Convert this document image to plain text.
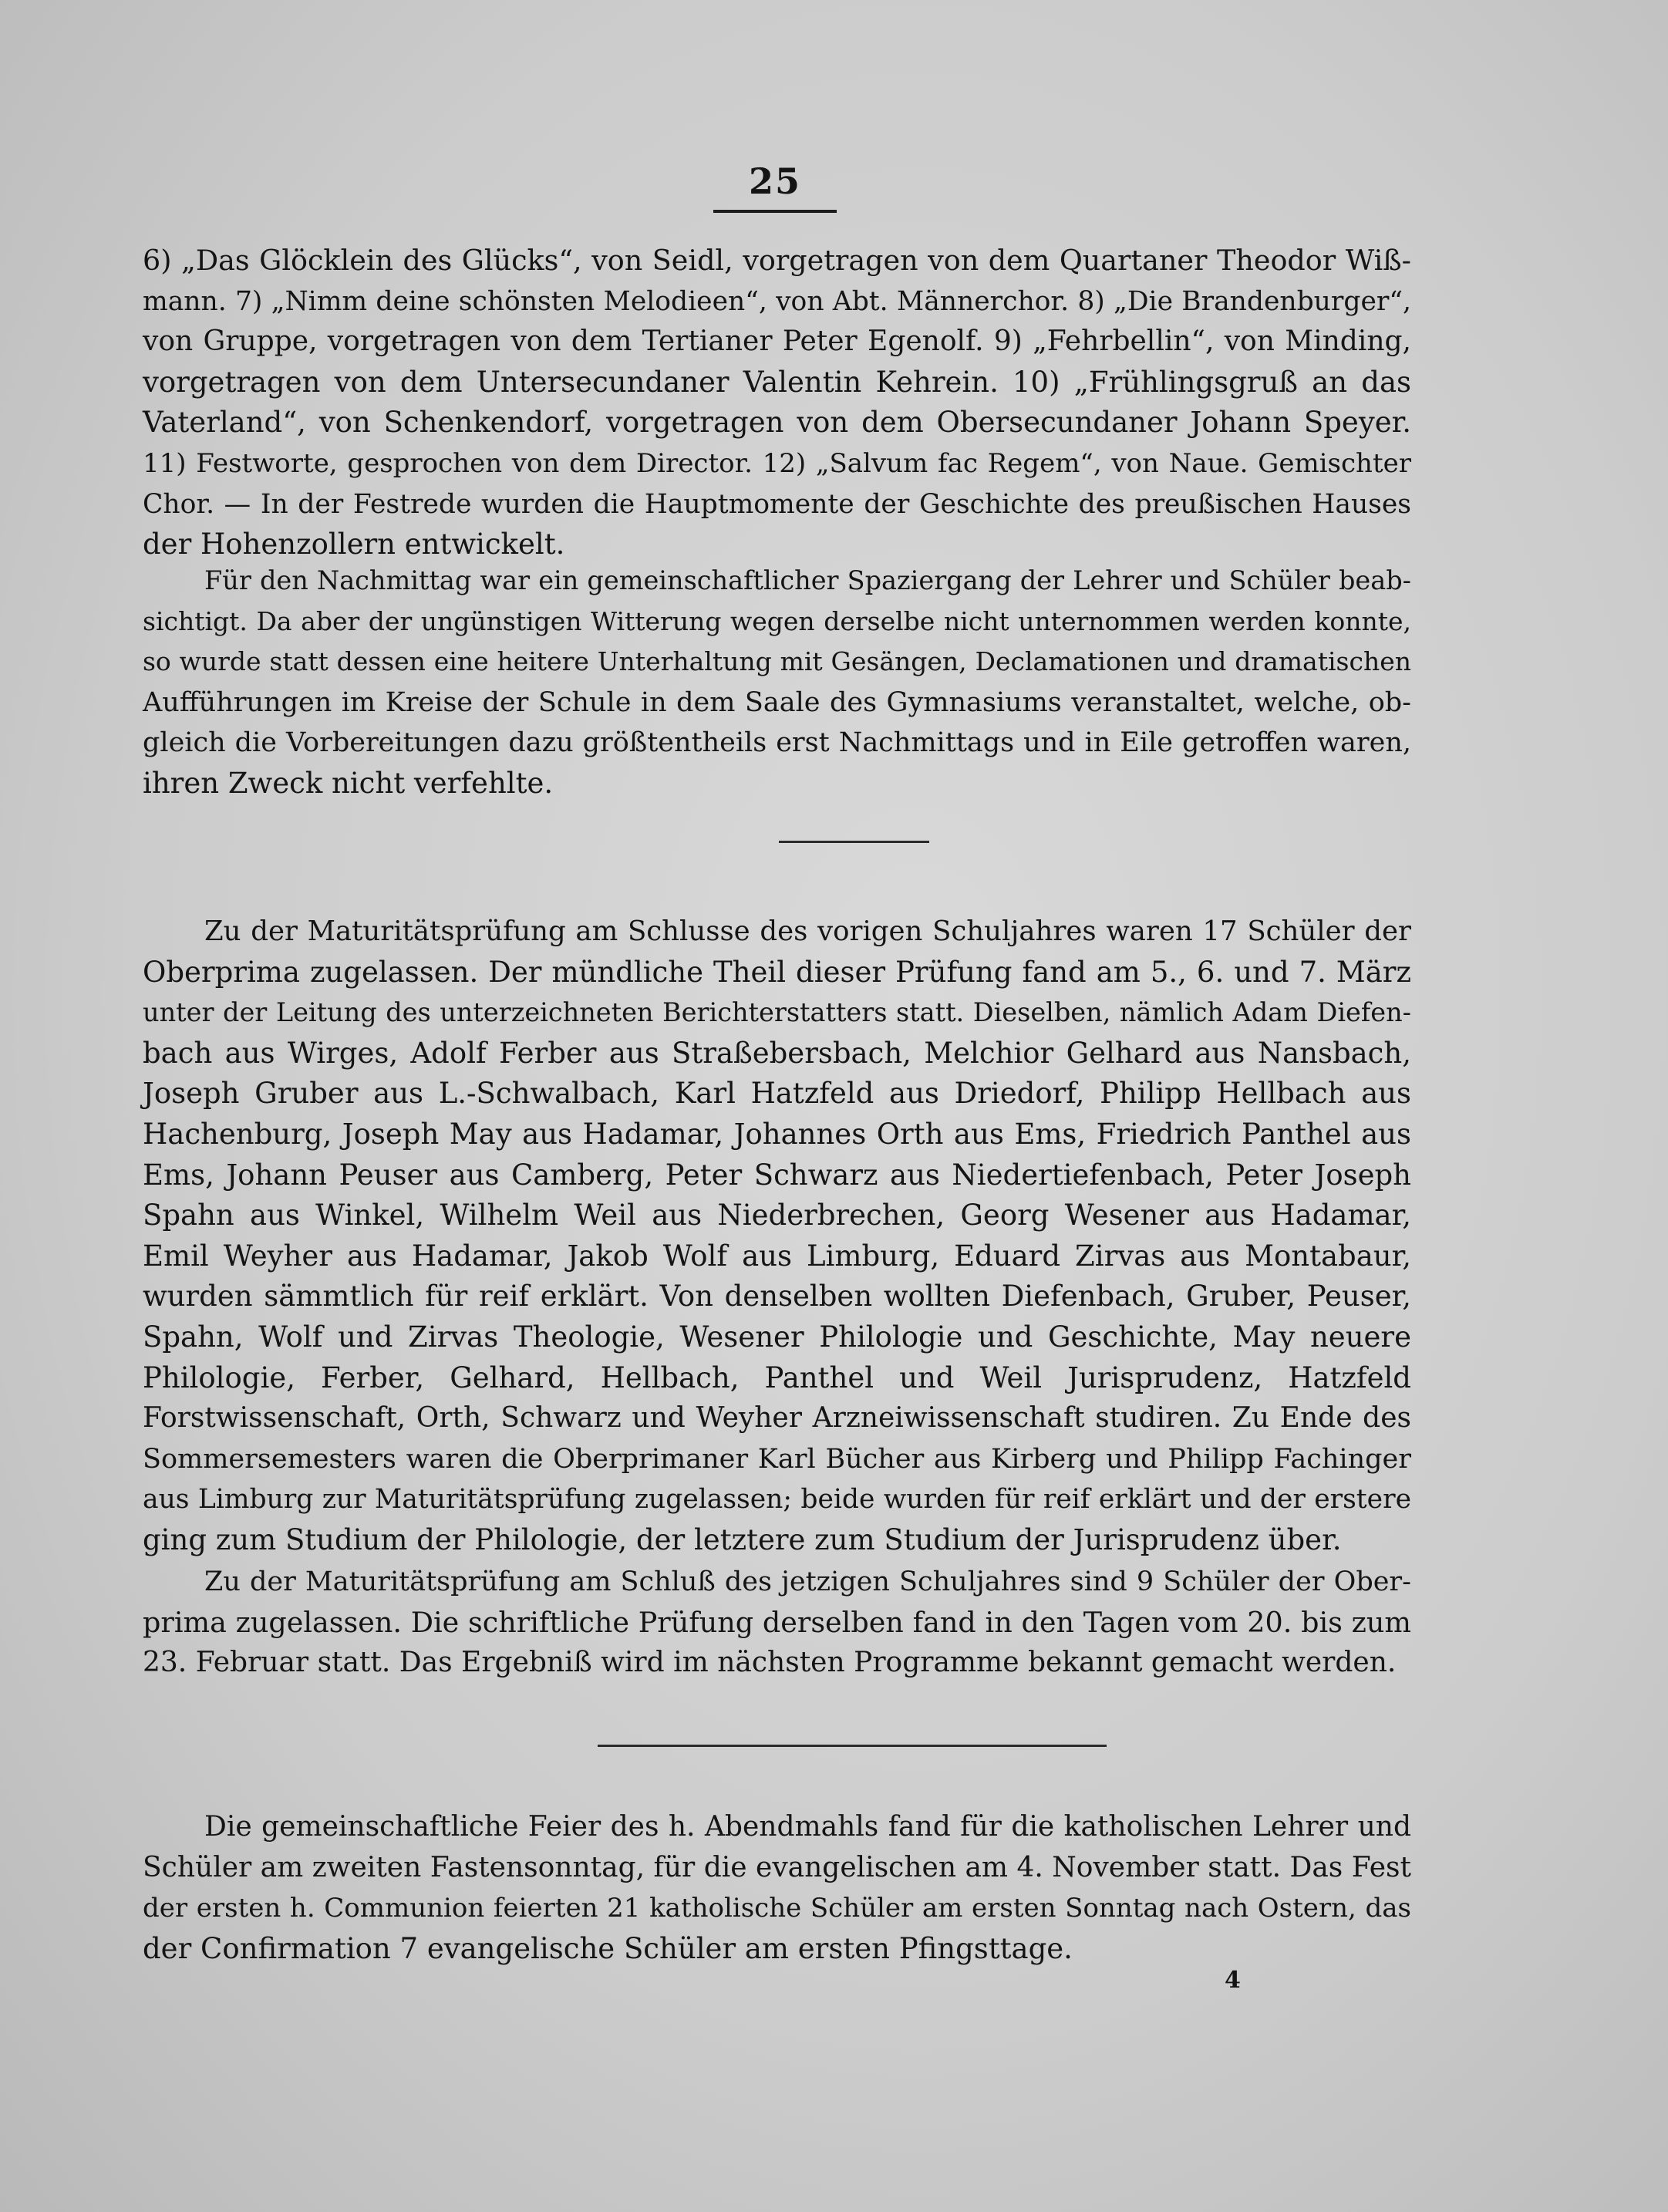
25

6) „Das Glöcklein des Glücks“, von Seidl, vorgetragen von dem Quartaner Theodor Wiß-

mann. 7) „Nimm deine schönsten Melodieen“, von Abt. Männerchor. 8) „Die Brandenburger“,

von Gruppe, vorgetragen von dem Tertianer Peter Egenolf. 9) „Fehrbellin“, von Minding,

vorgetragen von dem Untersecundaner Valentin Kehrein. 10) „Frühlingsgruß an das

Vaterland“, von Schenkendorf, vorgetragen von dem Obersecundaner Johann Speyer.

11) Festworte, gesprochen von dem Director. 12) „Salvum fac Regem“, von Naue. Gemischter

Chor. — In der Festrede wurden die Hauptmomente der Geschichte des preußischen Hauses

der Hohenzollern entwickelt.

Für den Nachmittag war ein gemeinschaftlicher Spaziergang der Lehrer und Schüler beab-

sichtigt. Da aber der ungünstigen Witterung wegen derselbe nicht unternommen werden konnte,

so wurde statt dessen eine heitere Unterhaltung mit Gesängen, Declamationen und dramatischen

Aufführungen im Kreise der Schule in dem Saale des Gymnasiums veranstaltet, welche, ob-

gleich die Vorbereitungen dazu größtentheils erst Nachmittags und in Eile getroffen waren,

ihren Zweck nicht verfehlte.

Zu der Maturitätsprüfung am Schlusse des vorigen Schuljahres waren 17 Schüler der

Oberprima zugelassen. Der mündliche Theil dieser Prüfung fand am 5., 6. und 7. März

unter der Leitung des unterzeichneten Berichterstatters statt. Dieselben, nämlich Adam Diefen-

bach aus Wirges, Adolf Ferber aus Straßebersbach, Melchior Gelhard aus Nansbach,

Joseph Gruber aus L.-Schwalbach, Karl Hatzfeld aus Driedorf, Philipp Hellbach aus

Hachenburg, Joseph May aus Hadamar, Johannes Orth aus Ems, Friedrich Panthel aus

Ems, Johann Peuser aus Camberg, Peter Schwarz aus Niedertiefenbach, Peter Joseph

Spahn aus Winkel, Wilhelm Weil aus Niederbrechen, Georg Wesener aus Hadamar,

Emil Weyher aus Hadamar, Jakob Wolf aus Limburg, Eduard Zirvas aus Montabaur,

wurden sämmtlich für reif erklärt. Von denselben wollten Diefenbach, Gruber, Peuser,

Spahn, Wolf und Zirvas Theologie, Wesener Philologie und Geschichte, May neuere

Philologie, Ferber, Gelhard, Hellbach, Panthel und Weil Jurisprudenz, Hatzfeld

Forstwissenschaft, Orth, Schwarz und Weyher Arzneiwissenschaft studiren. Zu Ende des

Sommersemesters waren die Oberprimaner Karl Bücher aus Kirberg und Philipp Fachinger

aus Limburg zur Maturitätsprüfung zugelassen; beide wurden für reif erklärt und der erstere

ging zum Studium der Philologie, der letztere zum Studium der Jurisprudenz über.

Zu der Maturitätsprüfung am Schluß des jetzigen Schuljahres sind 9 Schüler der Ober-

prima zugelassen. Die schriftliche Prüfung derselben fand in den Tagen vom 20. bis zum

23. Februar statt. Das Ergebniß wird im nächsten Programme bekannt gemacht werden.

Die gemeinschaftliche Feier des h. Abendmahls fand für die katholischen Lehrer und

Schüler am zweiten Fastensonntag, für die evangelischen am 4. November statt. Das Fest

der ersten h. Communion feierten 21 katholische Schüler am ersten Sonntag nach Ostern, das

der Confirmation 7 evangelische Schüler am ersten Pfingsttage.

4
